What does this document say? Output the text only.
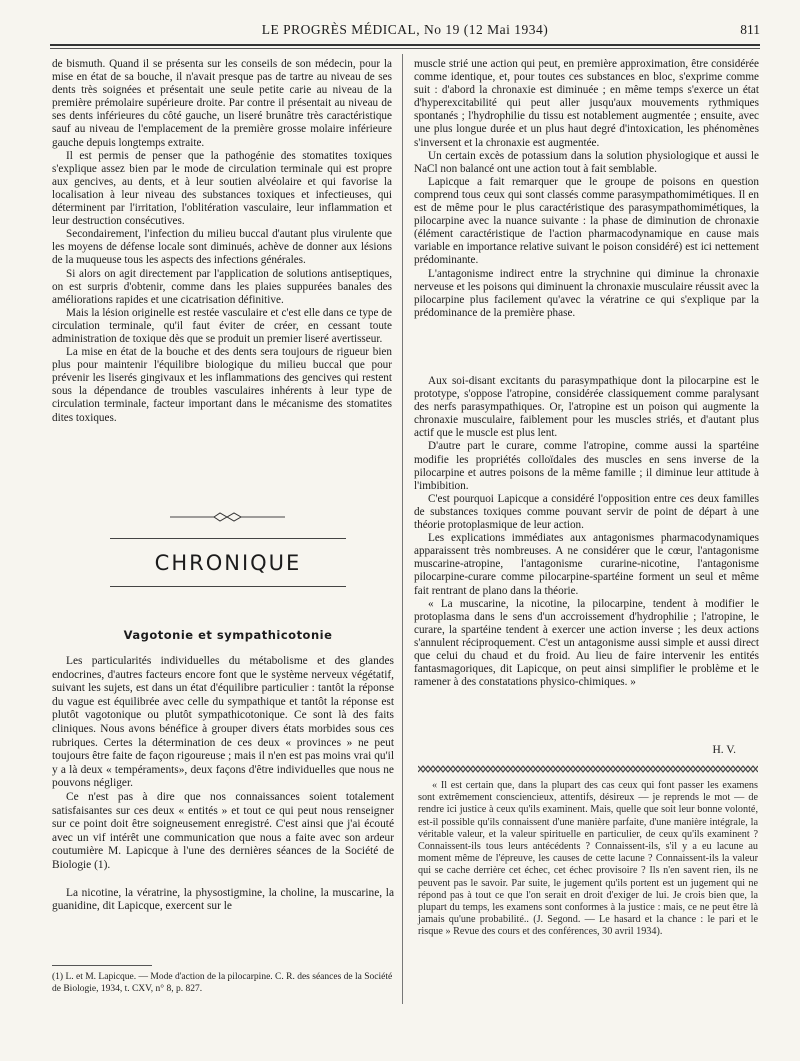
LE PROGRÈS MÉDICAL, No 19 (12 Mai 1934)	811

de bismuth. Quand il se présenta sur les conseils de son médecin, pour la mise en état de sa bouche, il n'avait presque pas de tartre au niveau de ses dents très soignées et présentait une seule petite carie au niveau de la première prémolaire supérieure droite. Par contre il présentait au niveau de ses dents inférieures du côté gauche, un liseré brunâtre très caractéristique sauf au niveau de l'emplacement de la première grosse molaire inférieure gauche depuis longtemps extraite.

Il est permis de penser que la pathogénie des stomatites toxiques s'explique assez bien par le mode de circulation terminale qui est propre aux gencives, au dents, et à leur soutien alvéolaire et qui favorise la localisation à leur niveau des substances toxiques et infectieuses, qui déterminent par l'irritation, l'oblitération vasculaire, leur inflammation et leur destruction consécutives.

Secondairement, l'infection du milieu buccal d'autant plus virulente que les moyens de défense locale sont diminués, achève de donner aux lésions de la muqueuse tous les aspects des infections générales.

Si alors on agit directement par l'application de solutions antiseptiques, on est surpris d'obtenir, comme dans les plaies suppurées banales des améliorations rapides et une cicatrisation définitive.

Mais la lésion originelle est restée vasculaire et c'est elle dans ce type de circulation terminale, qu'il faut éviter de créer, en cessant toute administration de toxique dès que se produit un premier liseré avertisseur.

La mise en état de la bouche et des dents sera toujours de rigueur bien plus pour maintenir l'équilibre biologique du milieu buccal que pour prévenir les liserés gingivaux et les inflammations des gencives qui restent sous la dépendance de troubles vasculaires inhérents à leur type de circulation terminale, facteur important dans le mécanisme des stomatites dites toxiques.

CHRONIQUE
Vagotonie et sympathicotonie

Les particularités individuelles du métabolisme et des glandes endocrines, d'autres facteurs encore font que le système nerveux végétatif, suivant les sujets, est dans un état d'équilibre particulier : tantôt la réponse du vague est équilibrée avec celle du sympathique et tantôt la réponse est plutôt vagotonique ou plutôt sympathicotonique. Ce sont là des faits cliniques. Nous avons bénéfice à grouper divers états morbides sous ces rubriques. Certes la détermination de ces deux « provinces » ne peut toujours être faite de façon rigoureuse ; mais il n'en est pas moins vrai qu'il y a là deux « tempéraments», deux façons d'être individuelles que nous ne pouvons négliger.

Ce n'est pas à dire que nos connaissances soient totalement satisfaisantes sur ces deux « entités » et tout ce qui peut nous renseigner sur ce point doit être soigneusement enregistré. C'est ainsi que j'ai écouté avec un vif intérêt une communication que nous a faite avec son ardeur coutumière M. Lapicque à l'une des dernières séances de la Société de Biologie (1).

La nicotine, la vératrine, la physostigmine, la choline, la muscarine, la guanidine, dit Lapicque, exercent sur le

(1) L. et M. Lapicque. — Mode d'action de la pilocarpine. C. R. des séances de la Société de Biologie, 1934, t. CXV, n° 8, p. 827.

muscle strié une action qui peut, en première approximation, être considérée comme identique, et, pour toutes ces substances en bloc, s'exprime comme suit : d'abord la chronaxie est diminuée ; en même temps s'exerce un état d'hyperexcitabilité qui peut aller jusqu'aux mouvements rythmiques spontanés ; l'hydrophilie du tissu est notablement augmentée ; ensuite, avec une plus longue durée et un plus haut degré d'intoxication, les phénomènes s'inversent et la chronaxie est augmentée.

Un certain excès de potassium dans la solution physiologique et aussi le NaCl non balancé ont une action tout à fait semblable.

Lapicque a fait remarquer que le groupe de poisons en question comprend tous ceux qui sont classés comme parasympathomimétiques. Il en est de même pour le plus caractéristique des parasympathomimétiques, la pilocarpine avec la nuance suivante : la phase de diminution de chronaxie (élément caractéristique de l'action pharmacodynamique en cause mais variable en importance relative suivant le poison considéré) est ici nettement prédominante.

L'antagonisme indirect entre la strychnine qui diminue la chronaxie nerveuse et les poisons qui diminuent la chronaxie musculaire réussit avec la pilocarpine plus facilement qu'avec la vératrine ce qui s'explique par la prédominance de la première phase.

Aux soi-disant excitants du parasympathique dont la pilocarpine est le prototype, s'oppose l'atropine, considérée classiquement comme paralysant des nerfs parasympathiques. Or, l'atropine est un poison qui augmente la chronaxie musculaire, faiblement pour les muscles striés, et d'autant plus actif que le muscle est plus lent.

D'autre part le curare, comme l'atropine, comme aussi la spartéine modifie les propriétés colloïdales des muscles en sens inverse de la pilocarpine et autres poisons de la même famille ; il diminue leur attitude à l'imbibition.

C'est pourquoi Lapicque a considéré l'opposition entre ces deux familles de substances toxiques comme pouvant servir de point de départ à une théorie protoplasmique de leur action.

Les explications immédiates aux antagonismes pharmacodynamiques apparaissent très nombreuses. A ne considérer que le cœur, l'antagonisme muscarine-atropine, l'antagonisme curarine-nicotine, l'antagonisme pilocarpine-curare comme pilocarpine-spartéine forment un seul et même fait rentrant de plano dans la théorie.

« La muscarine, la nicotine, la pilocarpine, tendent à modifier le protoplasma dans le sens d'un accroissement d'hydrophilie ; l'atropine, le curare, la spartéine tendent à exercer une action inverse ; les deux actions s'annulent réciproquement. C'est un antagonisme aussi simple et aussi direct que celui du chaud et du froid. Au lieu de faire intervenir les entités fantasmagoriques, dit Lapicque, on peut ainsi simplifier le problème et le ramener à des constatations physico-chimiques. »

H. V.

« Il est certain que, dans la plupart des cas ceux qui font passer les examens sont extrêmement consciencieux, attentifs, désireux — je reprends le mot — de rendre ici justice à ceux qu'ils examinent. Mais, quelle que soit leur bonne volonté, est-il possible qu'ils connaissent d'une manière parfaite, d'une manière intégrale, la véritable valeur, et la valeur spirituelle en particulier, de ceux qu'ils examinent ? Connaissent-ils tous leurs antécédents ? Connaissent-ils, s'il y a eu lacune au moment même de l'épreuve, les causes de cette lacune ? Connaissent-ils la valeur qui se cache derrière cet échec, cet échec provisoire ? Ils n'en savent rien, ils ne peuvent pas le savoir. Par suite, le jugement qu'ils portent est un jugement qui ne répond pas à tout ce que l'on serait en droit d'exiger de lui. Je crois bien que, la plupart du temps, les examens sont conformes à la justice : mais, ce ne peut être là jamais qu'une probabilité.. (J. Segond. — Le hasard et la chance : le pari et le risque » Revue des cours et des conférences, 30 avril 1934).
